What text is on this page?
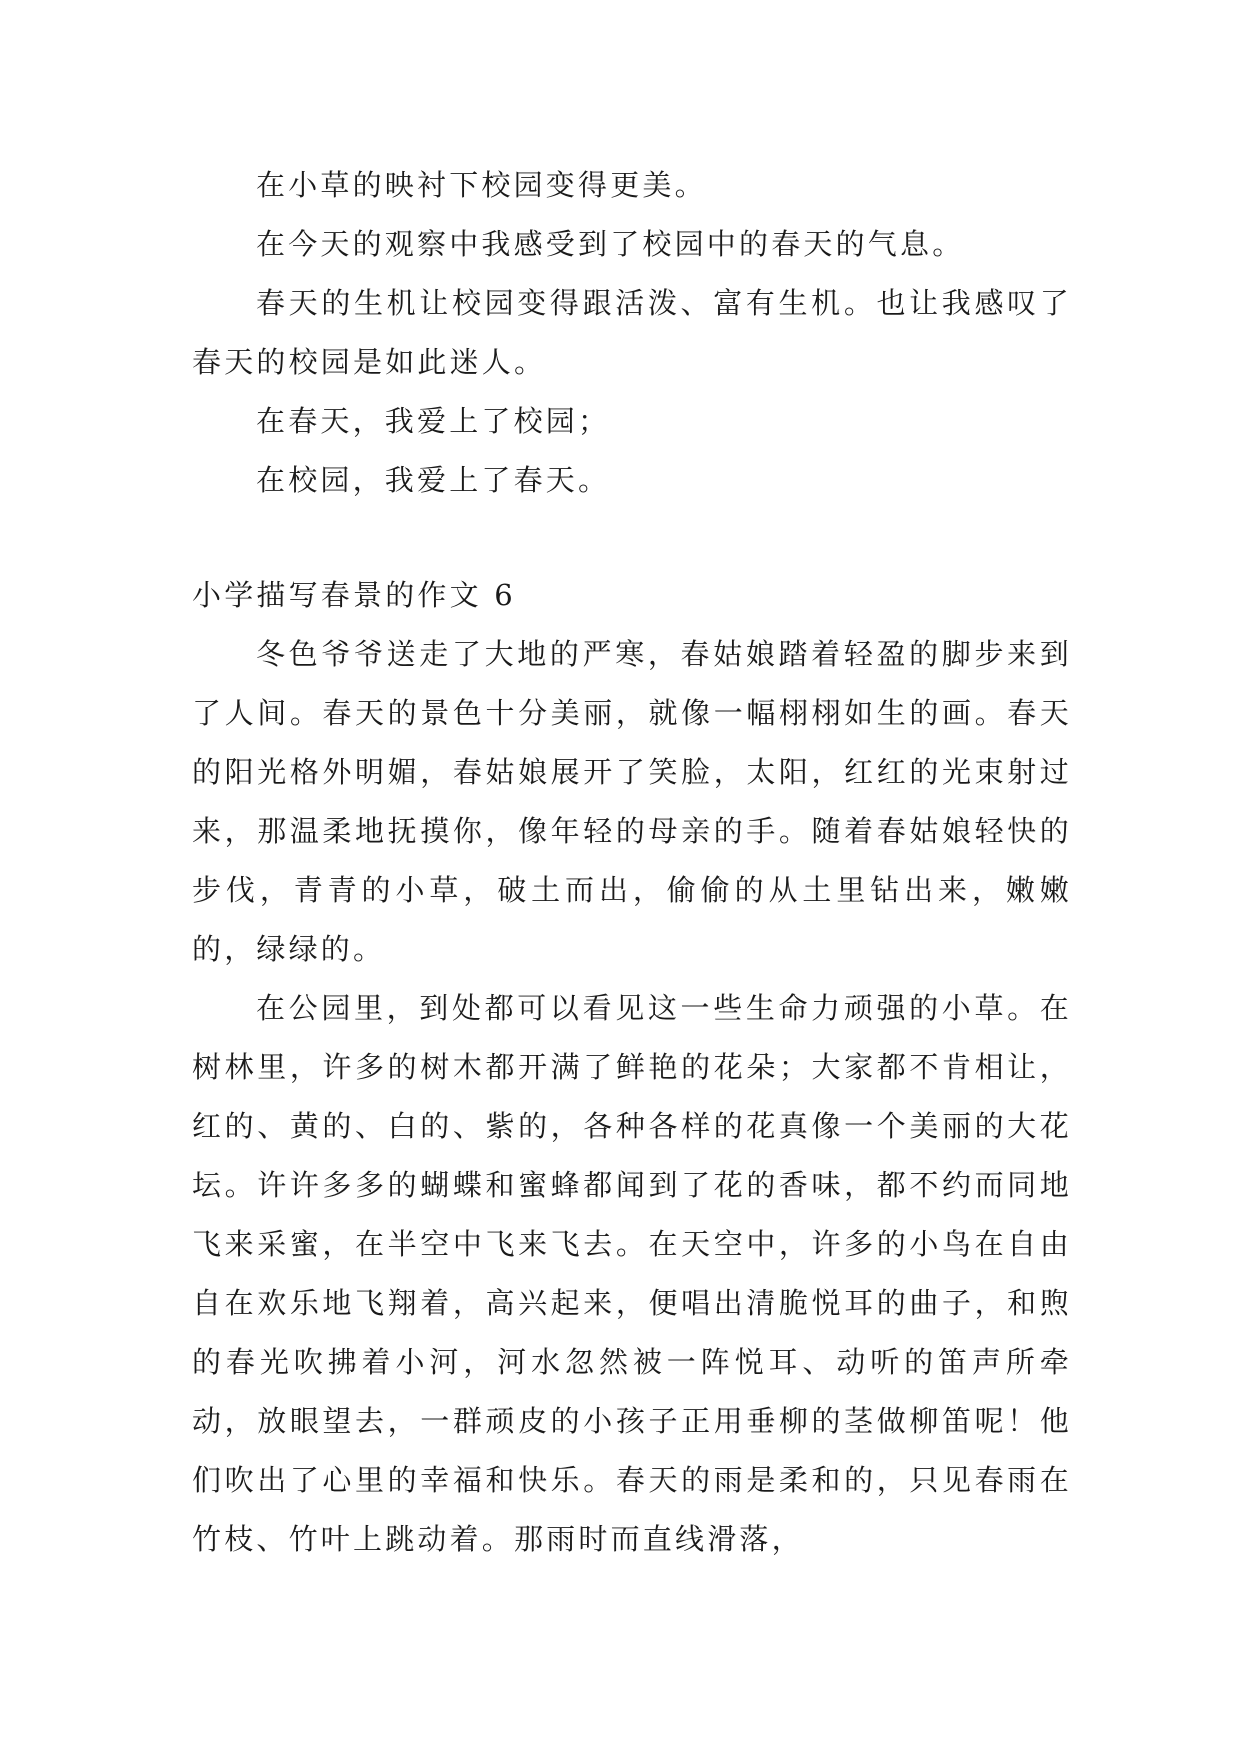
在小草的映衬下校园变得更美。

在今天的观察中我感受到了校园中的春天的气息。

春天的生机让校园变得跟活泼、富有生机。也让我感叹了春天的校园是如此迷人。

在春天，我爱上了校园；

在校园，我爱上了春天。

小学描写春景的作文 6

冬色爷爷送走了大地的严寒，春姑娘踏着轻盈的脚步来到了人间。春天的景色十分美丽，就像一幅栩栩如生的画。春天的阳光格外明媚，春姑娘展开了笑脸，太阳，红红的光束射过来，那温柔地抚摸你，像年轻的母亲的手。随着春姑娘轻快的步伐，青青的小草，破土而出，偷偷的从土里钻出来，嫩嫩的，绿绿的。

在公园里，到处都可以看见这一些生命力顽强的小草。在树林里，许多的树木都开满了鲜艳的花朵；大家都不肯相让，红的、黄的、白的、紫的，各种各样的花真像一个美丽的大花坛。许许多多的蝴蝶和蜜蜂都闻到了花的香味，都不约而同地飞来采蜜，在半空中飞来飞去。在天空中，许多的小鸟在自由自在欢乐地飞翔着，高兴起来，便唱出清脆悦耳的曲子，和煦的春光吹拂着小河，河水忽然被一阵悦耳、动听的笛声所牵动，放眼望去，一群顽皮的小孩子正用垂柳的茎做柳笛呢！他们吹出了心里的幸福和快乐。春天的雨是柔和的，只见春雨在竹枝、竹叶上跳动着。那雨时而直线滑落，
